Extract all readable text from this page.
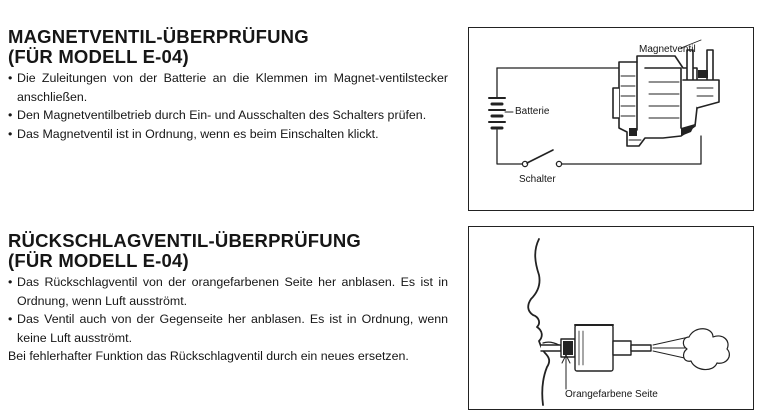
MAGNETVENTIL-ÜBERPRÜFUNG
(FÜR MODELL E-04)
• Die Zuleitungen von der Batterie an die Klemmen im Magnet-ventilstecker anschließen.
• Den Magnetventilbetrieb durch Ein- und Ausschalten des Schalters prüfen.
• Das Magnetventil ist in Ordnung, wenn es beim Einschalten klickt.
RÜCKSCHLAGVENTIL-ÜBERPRÜFUNG
(FÜR MODELL E-04)
• Das Rückschlagventil von der orangefarbenen Seite her anblasen. Es ist in Ordnung, wenn Luft ausströmt.
• Das Ventil auch von der Gegenseite her anblasen. Es ist in Ordnung, wenn keine Luft ausströmt.

Bei fehlerhafter Funktion das Rückschlagventil durch ein neues ersetzen.

Magnetventil
Batterie
Schalter
Orangefarbene Seite
